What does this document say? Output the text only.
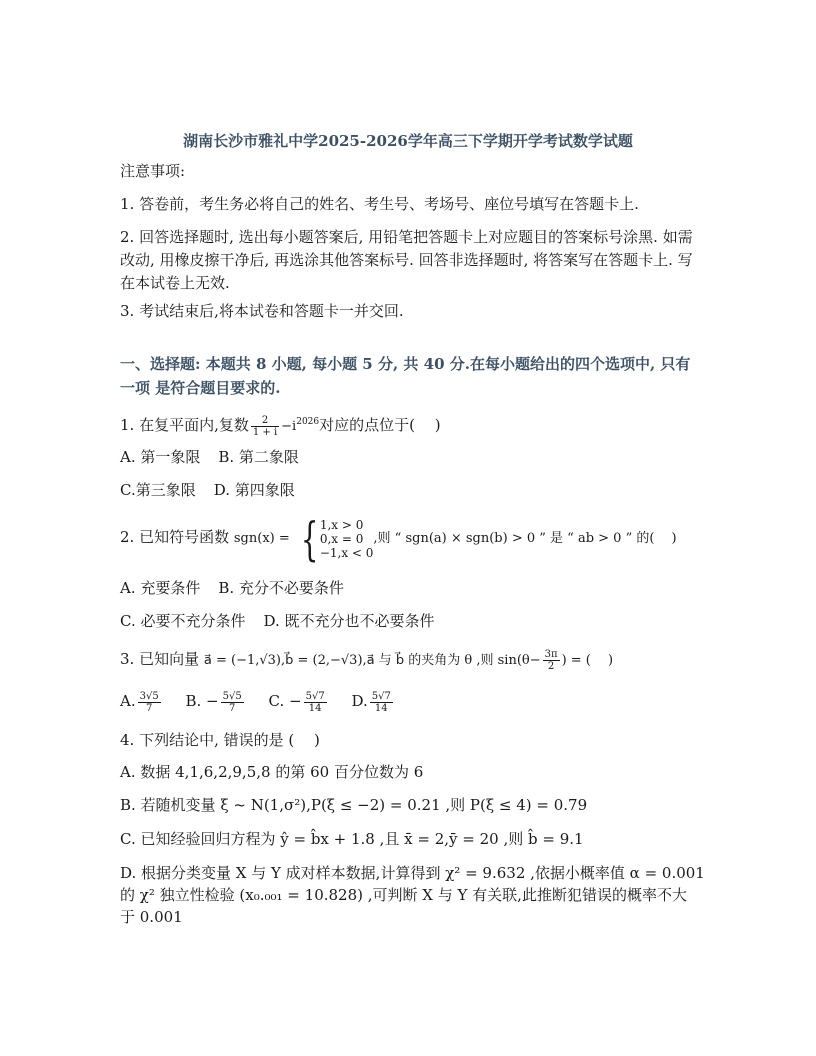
湖南长沙市雅礼中学2025-2026学年高三下学期开学考试数学试题
注意事项:
1. 答卷前，考生务必将自己的姓名、考生号、考场号、座位号填写在答题卡上.
2. 回答选择题时, 选出每小题答案后, 用铅笔把答题卡上对应题目的答案标号涂黑. 如需改动, 用橡皮擦干净后, 再选涂其他答案标号. 回答非选择题时, 将答案写在答题卡上. 写在本试卷上无效.
3. 考试结束后,将本试卷和答题卡一并交回.
一、选择题: 本题共 8 小题, 每小题 5 分, 共 40 分.在每小题给出的四个选项中, 只有一项 是符合题目要求的.
1. 在复平面内,复数 $\frac{2}{1 + i} -i^{2026}$对应的点位于(　 )
A. 第一象限 B. 第二象限
C.第三象限 D. 第四象限
2. 已知符号函数 sgn(x) = { 1,x > 0
0,x = 0
−1,x < 0
,则 “ sgn(a) × sgn(b) > 0 ” 是 “ ab > 0 ” 的(　 )
A. 充要条件 B. 充分不必要条件
C. 必要不充分条件 D. 既不充分也不必要条件
3. 已知向量 a⃗ = (−1,√3),b⃗ = (2,−√3),a⃗ 与 b⃗ 的夹角为 θ ,则 $\sin(\theta- \frac{3\pi}{2}$ ) = (　 )
A. $\frac{3√5}{7} B$. − $\frac{5√5}{7} C$. − $\frac{5√7}{14} D$. $\frac{5√7}{14}$
4. 下列结论中, 错误的是 (　 )
A. 数据 4,1,6,2,9,5,8 的第 60 百分位数为 6
B. 若随机变量 ξ ~ N(1,σ²),P(ξ ≤ −2) = 0.21 ,则 P(ξ ≤ 4) = 0.79
C. 已知经验回归方程为 ŷ = b̂x + 1.8 ,且 x̄ = 2,ȳ = 20 ,则 b̂ = 9.1
D. 根据分类变量 X 与 Y 成对样本数据,计算得到 χ² = 9.632 ,依据小概率值 α = 0.001
的 χ² 独立性检验 (x₀.₀₀₁ = 10.828) ,可判断 X 与 Y 有关联,此推断犯错误的概率不大
于 0.001
